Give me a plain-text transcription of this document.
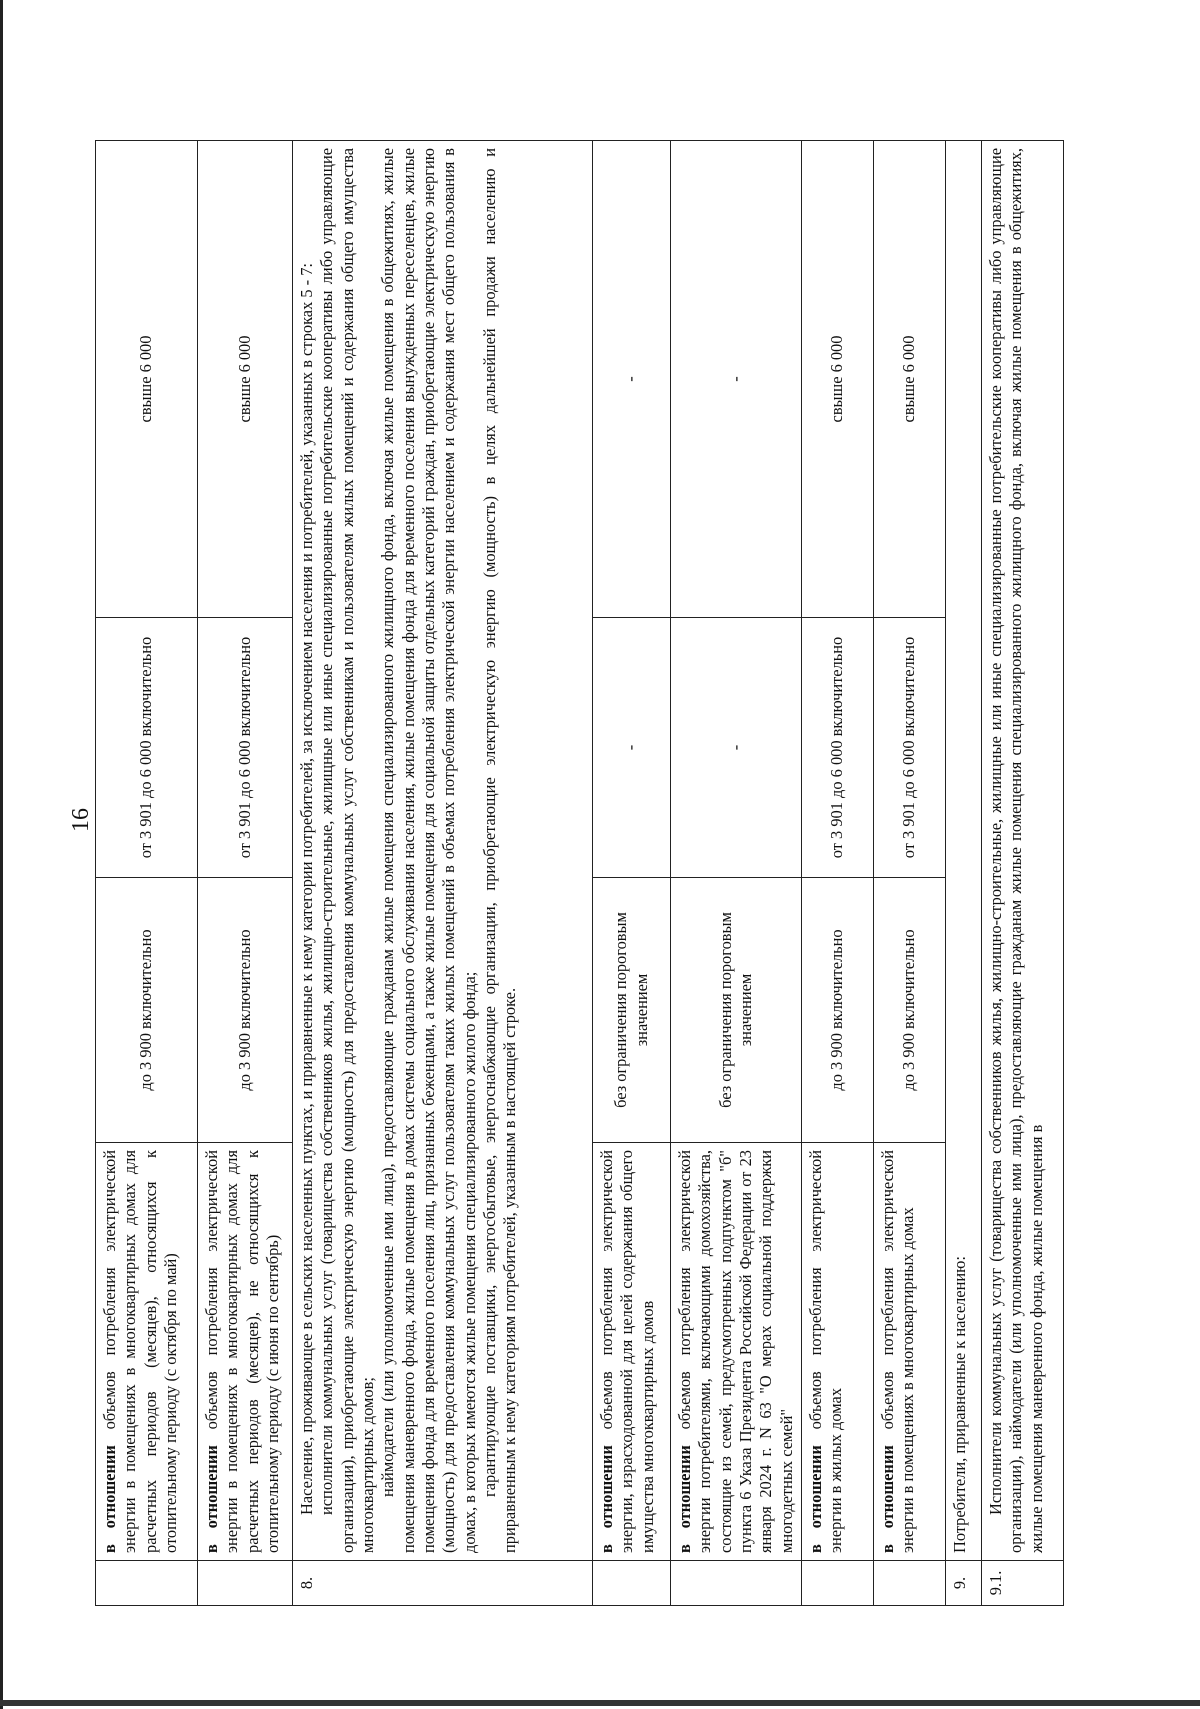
16
	в отношении объемов потребления электрической энергии в помещениях в многоквартирных домах для расчетных периодов (месяцев), относящихся к отопительному периоду (с октября по май)	до 3 900 включительно	от 3 901 до 6 000 включительно	свыше 6 000
	в отношении объемов потребления электрической энергии в помещениях в многоквартирных домах для расчетных периодов (месяцев), не относящихся к отопительному периоду (с июня по сентябрь)	до 3 900 включительно	от 3 901 до 6 000 включительно	свыше 6 000
8.	Население, проживающее в сельских населенных пунктах, и приравненные к нему категории потребителей, за исключением населения и потребителей, указанных в строках 5 - 7: исполнители коммунальных услуг (товарищества собственников жилья, жилищно-строительные, жилищные или иные специализированные потребительские кооперативы либо управляющие организации), приобретающие электрическую энергию (мощность) для предоставления коммунальных услуг собственникам и пользователям жилых помещений и содержания общего имущества многоквартирных домов; наймодатели (или уполномоченные ими лица), предоставляющие гражданам жилые помещения специализированного жилищного фонда, включая жилые помещения в общежитиях, жилые помещения маневренного фонда, жилые помещения в домах системы социального обслуживания населения, жилые помещения фонда для временного поселения вынужденных переселенцев, жилые помещения фонда для временного поселения лиц, признанных беженцами, а также жилые помещения для социальной защиты отдельных категорий граждан, приобретающие электрическую энергию (мощность) для предоставления коммунальных услуг пользователям таких жилых помещений в объемах потребления электрической энергии населением и содержания мест общего пользования в домах, в которых имеются жилые помещения специализированного жилого фонда; гарантирующие поставщики, энергосбытовые, энергоснабжающие организации, приобретающие электрическую энергию (мощность) в целях дальнейшей продажи населению и приравненным к нему категориям потребителей, указанным в настоящей строке.			

	в отношении объемов потребления электрической энергии, израсходованной для целей содержания общего имущества многоквартирных домов	без ограничения пороговым значением	-	-
	в отношении объемов потребления электрической энергии потребителями, включающими домохозяйства, состоящие из семей, предусмотренных подпунктом "б" пункта 6 Указа Президента Российской Федерации от 23 января 2024 г. N 63 "О мерах социальной поддержки многодетных семей"	без ограничения пороговым значением	-	-
	в отношении объемов потребления электрической энергии в жилых домах	до 3 900 включительно	от 3 901 до 6 000 включительно	свыше 6 000
	в отношении объемов потребления электрической энергии в помещениях в многоквартирных домах	до 3 900 включительно	от 3 901 до 6 000 включительно	свыше 6 000
9.	Потребители, приравненные к населению:			
9.1.	Исполнители коммунальных услуг (товарищества собственников жилья, жилищно-строительные, жилищные или иные специализированные потребительские кооперативы либо управляющие организации), наймодатели (или уполномоченные ими лица), предоставляющие гражданам жилые помещения специализированного жилищного фонда, включая жилые помещения в общежитиях, жилые помещения маневренного фонда, жилые помещения в			
